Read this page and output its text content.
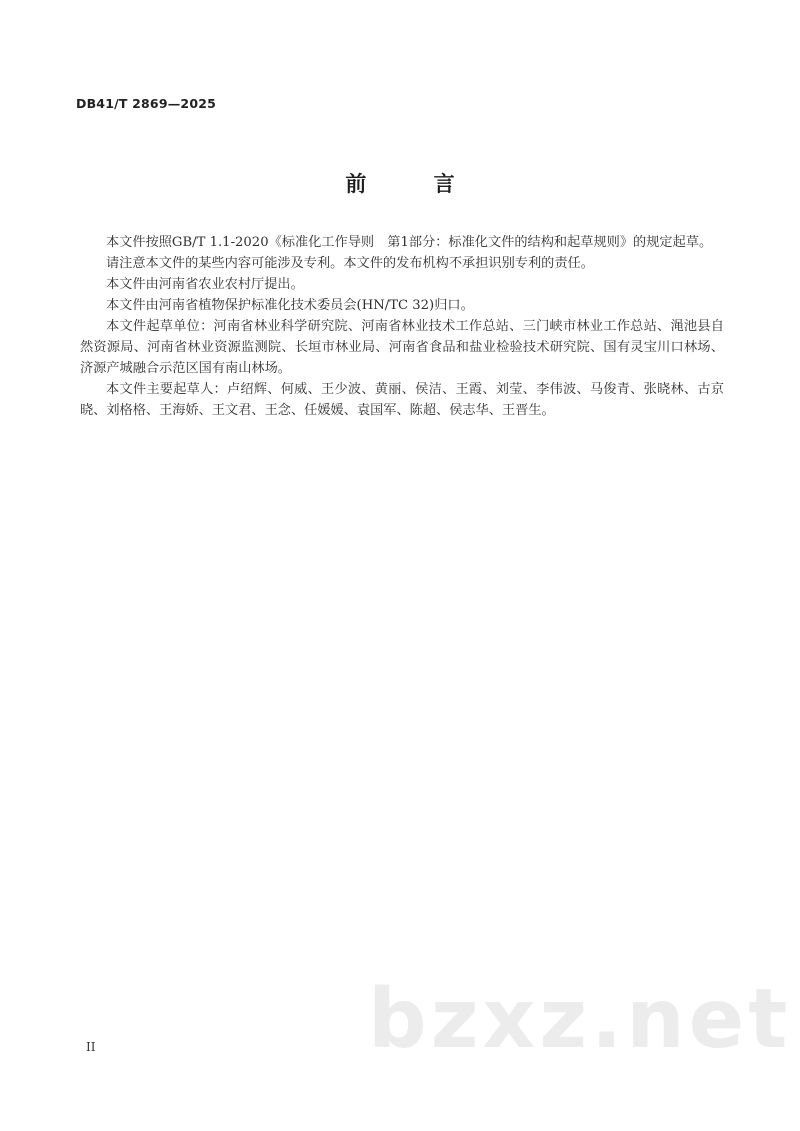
DB41/T 2869—2025
前 言

本文件按照GB/T 1.1-2020《标准化工作导则　第1部分：标准化文件的结构和起草规则》的规定起草。

请注意本文件的某些内容可能涉及专利。本文件的发布机构不承担识别专利的责任。

本文件由河南省农业农村厅提出。

本文件由河南省植物保护标准化技术委员会(HN/TC 32)归口。

本文件起草单位：河南省林业科学研究院、河南省林业技术工作总站、三门峡市林业工作总站、渑池县自然资源局、河南省林业资源监测院、长垣市林业局、河南省食品和盐业检验技术研究院、国有灵宝川口林场、济源产城融合示范区国有南山林场。

本文件主要起草人：卢绍辉、何威、王少波、黄丽、侯洁、王霞、刘莹、李伟波、马俊青、张晓林、古京晓、刘格格、王海娇、王文君、王念、任媛媛、袁国军、陈超、侯志华、王晋生。

II	bzxz.net
